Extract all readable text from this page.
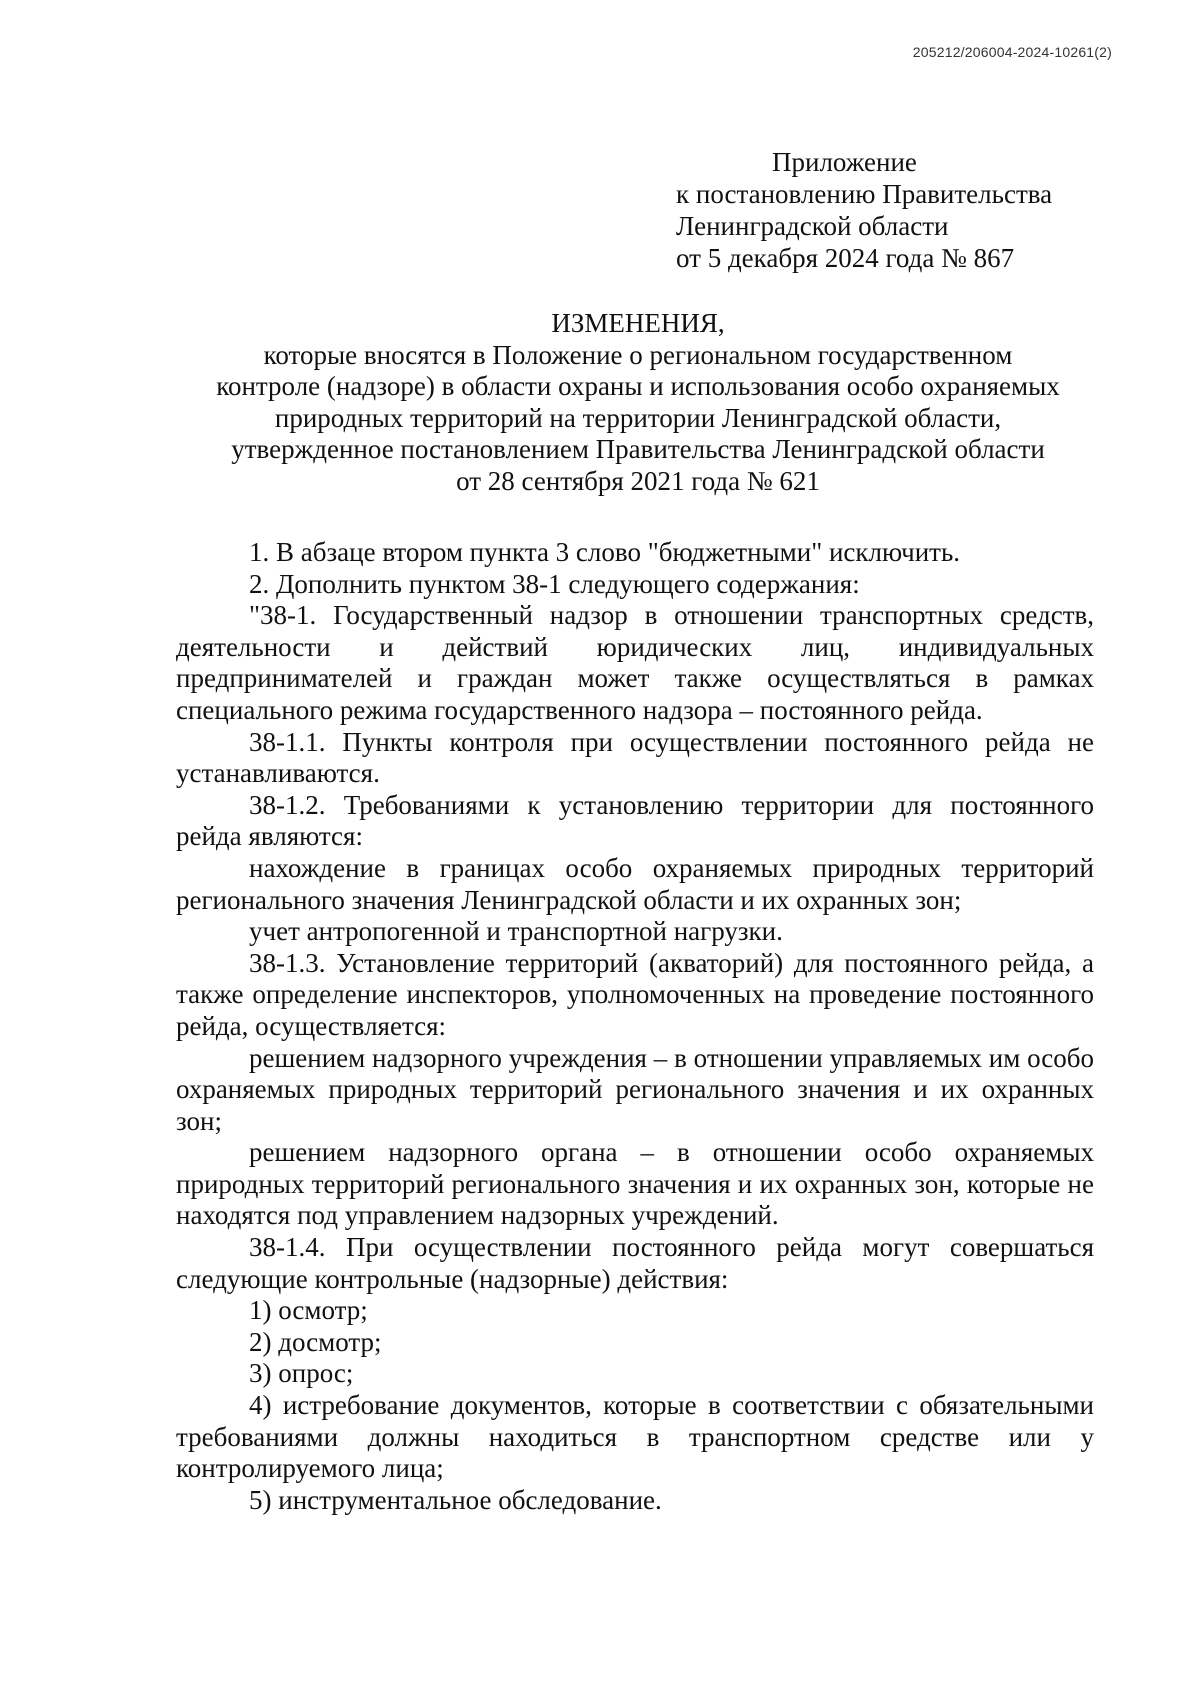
205212/206004-2024-10261(2)
Приложение
к постановлению Правительства
Ленинградской области
от 5 декабря 2024 года № 867
ИЗМЕНЕНИЯ,
которые вносятся в Положение о региональном государственном
контроле (надзоре) в области охраны и использования особо охраняемых
природных территорий на территории Ленинградской области,
утвержденное постановлением Правительства Ленинградской области
от 28 сентября 2021 года № 621

1. В абзаце втором пункта 3 слово "бюджетными" исключить.

2. Дополнить пунктом 38-1 следующего содержания:

"38-1. Государственный надзор в отношении транспортных средств, деятельности и действий юридических лиц, индивидуальных предпринимателей и граждан может также осуществляться в рамках специального режима государственного надзора – постоянного рейда.

38-1.1. Пункты контроля при осуществлении постоянного рейда не устанавливаются.

38-1.2. Требованиями к установлению территории для постоянного рейда являются:

нахождение в границах особо охраняемых природных территорий регионального значения Ленинградской области и их охранных зон;

учет антропогенной и транспортной нагрузки.

38-1.3. Установление территорий (акваторий) для постоянного рейда, а также определение инспекторов, уполномоченных на проведение постоянного рейда, осуществляется:

решением надзорного учреждения – в отношении управляемых им особо охраняемых природных территорий регионального значения и их охранных зон;

решением надзорного органа – в отношении особо охраняемых природных территорий регионального значения и их охранных зон, которые не находятся под управлением надзорных учреждений.

38-1.4. При осуществлении постоянного рейда могут совершаться следующие контрольные (надзорные) действия:

1) осмотр;

2) досмотр;

3) опрос;

4) истребование документов, которые в соответствии с обязательными требованиями должны находиться в транспортном средстве или у контролируемого лица;

5) инструментальное обследование.
